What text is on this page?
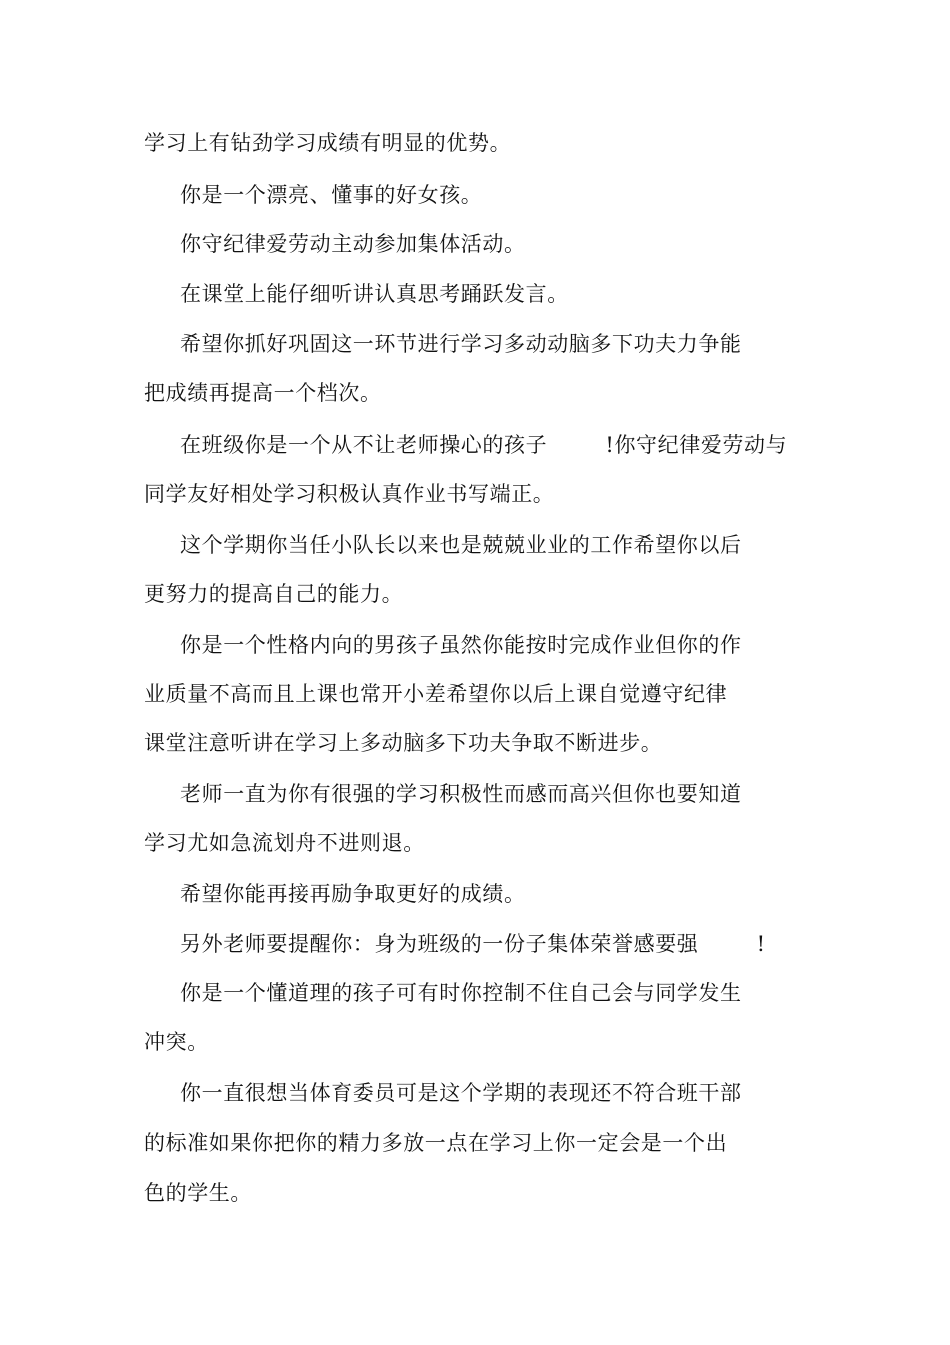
学习上有钻劲学习成绩有明显的优势。
你是一个漂亮、懂事的好女孩。
你守纪律爱劳动主动参加集体活动。
在课堂上能仔细听讲认真思考踊跃发言。
希望你抓好巩固这一环节进行学习多动动脑多下功夫力争能
把成绩再提高一个档次。
在班级你是一个从不让老师操心的孩子        !你守纪律爱劳动与
同学友好相处学习积极认真作业书写端正。
这个学期你当任小队长以来也是兢兢业业的工作希望你以后
更努力的提高自己的能力。
你是一个性格内向的男孩子虽然你能按时完成作业但你的作
业质量不高而且上课也常开小差希望你以后上课自觉遵守纪律
课堂注意听讲在学习上多动脑多下功夫争取不断进步。
老师一直为你有很强的学习积极性而感而高兴但你也要知道
学习尤如急流划舟不进则退。
希望你能再接再励争取更好的成绩。
另外老师要提醒你：身为班级的一份子集体荣誉感要强        !
你是一个懂道理的孩子可有时你控制不住自己会与同学发生
冲突。
你一直很想当体育委员可是这个学期的表现还不符合班干部
的标准如果你把你的精力多放一点在学习上你一定会是一个出
色的学生。
